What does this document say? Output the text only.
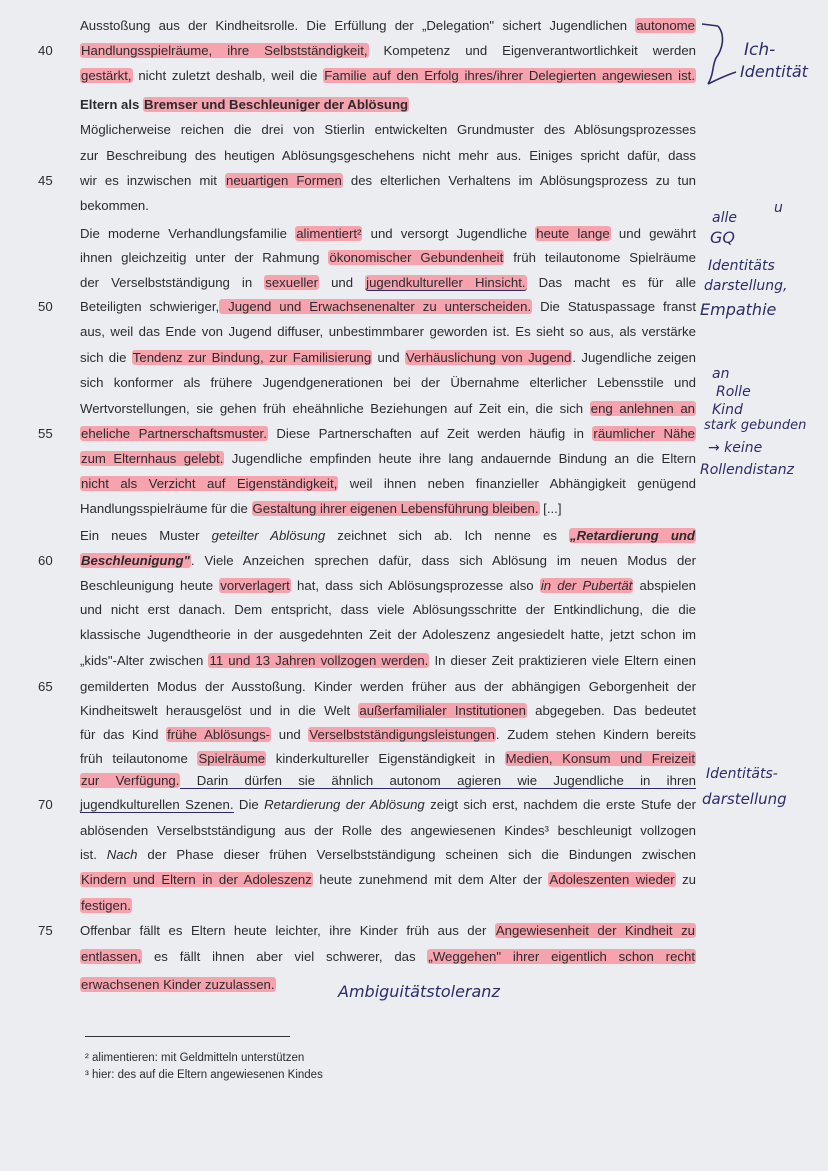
40
45
50
55
60
65
70
75
Ausstoßung aus der Kindheitsrolle. Die Erfüllung der „Delegation" sichert Jugendlichen autonome
Handlungsspielräume, ihre Selbstständigkeit, Kompetenz und Eigenverantwortlichkeit werden
gestärkt, nicht zuletzt deshalb, weil die Familie auf den Erfolg ihres/ihrer Delegierten angewiesen ist.
Eltern als Bremser und Beschleuniger der Ablösung
Möglicherweise reichen die drei von Stierlin entwickelten Grundmuster des Ablösungsprozesses
zur Beschreibung des heutigen Ablösungsgeschehens nicht mehr aus. Einiges spricht dafür, dass
wir es inzwischen mit neuartigen Formen des elterlichen Verhaltens im Ablösungsprozess zu tun
bekommen.
Die moderne Verhandlungsfamilie alimentiert² und versorgt Jugendliche heute lange und gewährt
ihnen gleichzeitig unter der Rahmung ökonomischer Gebundenheit früh teilautonome Spielräume
der Verselbstständigung in sexueller und jugendkultureller Hinsicht. Das macht es für alle
Beteiligten schwieriger, Jugend und Erwachsenenalter zu unterscheiden. Die Statuspassage franst
aus, weil das Ende von Jugend diffuser, unbestimmbarer geworden ist. Es sieht so aus, als verstärke
sich die Tendenz zur Bindung, zur Familisierung und Verhäuslichung von Jugend. Jugendliche zeigen
sich konformer als frühere Jugendgenerationen bei der Übernahme elterlicher Lebensstile und
Wertvorstellungen, sie gehen früh eheähnliche Beziehungen auf Zeit ein, die sich eng anlehnen an
eheliche Partnerschaftsmuster. Diese Partnerschaften auf Zeit werden häufig in räumlicher Nähe
zum Elternhaus gelebt. Jugendliche empfinden heute ihre lang andauernde Bindung an die Eltern
nicht als Verzicht auf Eigenständigkeit, weil ihnen neben finanzieller Abhängigkeit genügend
Handlungsspielräume für die Gestaltung ihrer eigenen Lebensführung bleiben. [...]
Ein neues Muster geteilter Ablösung zeichnet sich ab. Ich nenne es „Retardierung und
Beschleunigung". Viele Anzeichen sprechen dafür, dass sich Ablösung im neuen Modus der
Beschleunigung heute vorverlagert hat, dass sich Ablösungsprozesse also in der Pubertät abspielen
und nicht erst danach. Dem entspricht, dass viele Ablösungsschritte der Entkindlichung, die die
klassische Jugendtheorie in der ausgedehnten Zeit der Adoleszenz angesiedelt hatte, jetzt schon im
„kids"-Alter zwischen 11 und 13 Jahren vollzogen werden. In dieser Zeit praktizieren viele Eltern einen
gemilderten Modus der Ausstoßung. Kinder werden früher aus der abhängigen Geborgenheit der
Kindheitswelt herausgelöst und in die Welt außerfamilialer Institutionen abgegeben. Das bedeutet
für das Kind frühe Ablösungs- und Verselbstständigungsleistungen. Zudem stehen Kindern bereits
früh teilautonome Spielräume kinderkultureller Eigenständigkeit in Medien, Konsum und Freizeit
zur Verfügung. Darin dürfen sie ähnlich autonom agieren wie Jugendliche in ihren
jugendkulturellen Szenen. Die Retardierung der Ablösung zeigt sich erst, nachdem die erste Stufe der
ablösenden Verselbstständigung aus der Rolle des angewiesenen Kindes³ beschleunigt vollzogen
ist. Nach der Phase dieser frühen Verselbstständigung scheinen sich die Bindungen zwischen
Kindern und Eltern in der Adoleszenz heute zunehmend mit dem Alter der Adoleszenten wieder zu
festigen.
Offenbar fällt es Eltern heute leichter, ihre Kinder früh aus der Angewiesenheit der Kindheit zu
entlassen, es fällt ihnen aber viel schwerer, das „Weggehen" ihrer eigentlich schon recht
erwachsenen Kinder zuzulassen.
² alimentieren: mit Geldmitteln unterstützen
³ hier: des auf die Eltern angewiesenen Kindes
Ich-
Identität
alle
GQ
u
Identitäts
darstellung,
Empathie
an
Rolle
Kind
stark gebunden
→ keine
Rollendistanz
Identitäts-
darstellung
Ambiguitätstoleranz
